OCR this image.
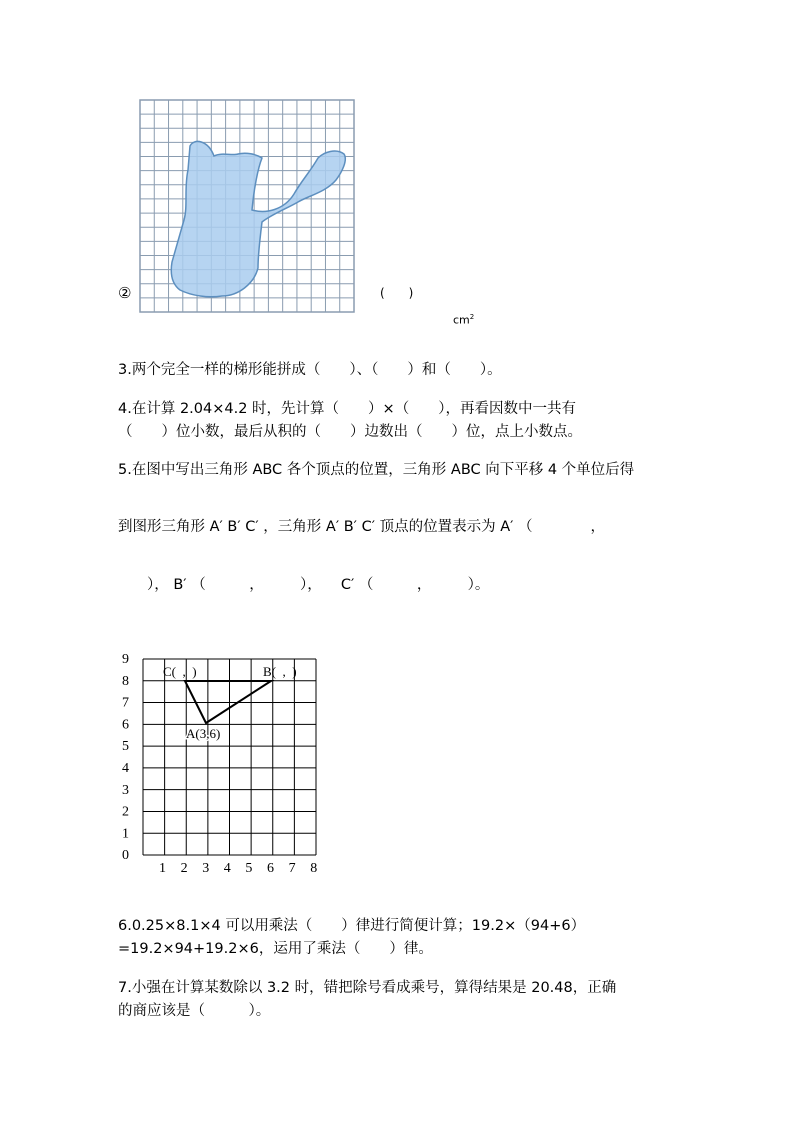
②	(　　)

$cm^2$

3.两个完全一样的梯形能拼成（　　）、（　　）和（　　）。
4.在计算 2.04×4.2 时，先计算（　　）×（　　），再看因数中一共有
（　　）位小数，最后从积的（　　）边数出（　　）位，点上小数点。
5.在图中写出三角形 ABC 各个顶点的位置，三角形 ABC 向下平移 4 个单位后得
到图形三角形 A′ B′ C′ ，三角形 A′ B′ C′ 顶点的位置表示为 A′ （　　　　，
　　）， B′ （　　　，　　　）， 　C′ （　　　，　　　）。
9
8
7
6
5
4
3
2
1
0
1 2 3 4 5 6 7 8
C(  ,  )	B(  ,  )
A(3,6)
6.0.25×8.1×4 可以用乘法（　　）律进行简便计算；19.2×（94+6）
=19.2×94+19.2×6，运用了乘法（　　）律。
7.小强在计算某数除以 3.2 时，错把除号看成乘号，算得结果是 20.48，正确
的商应该是（　　　）。
